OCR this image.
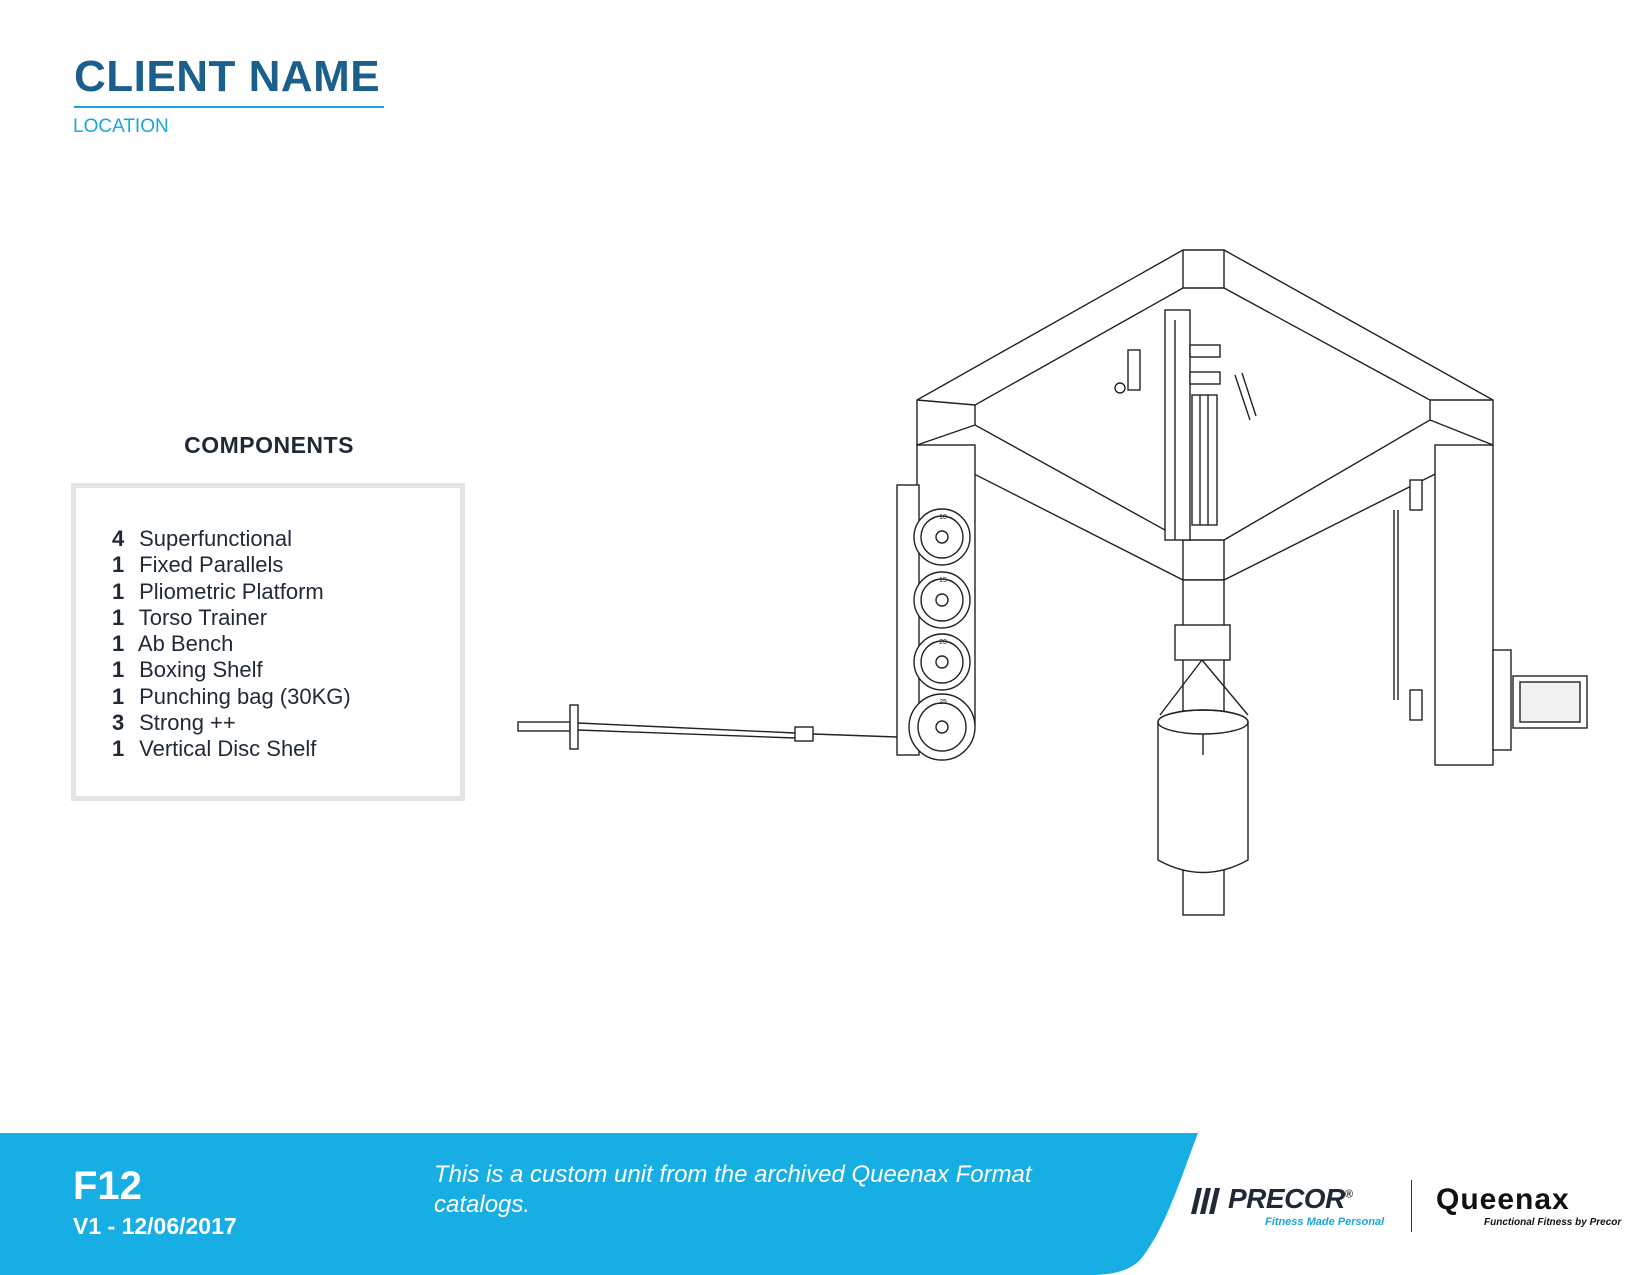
CLIENT NAME
LOCATION
COMPONENTS
4 Superfunctional
1 Fixed Parallels
1 Pliometric Platform
1 Torso Trainer
1 Ab Bench
1 Boxing Shelf
1 Punching bag (30KG)
3 Strong ++
1 Vertical Disc Shelf
10
15
20
25
F12
V1 - 12/06/2017
This is a custom unit from the archived Queenax Format catalogs.	PRECOR®
Fitness Made Personal
Queenax
Functional Fitness by Precor
